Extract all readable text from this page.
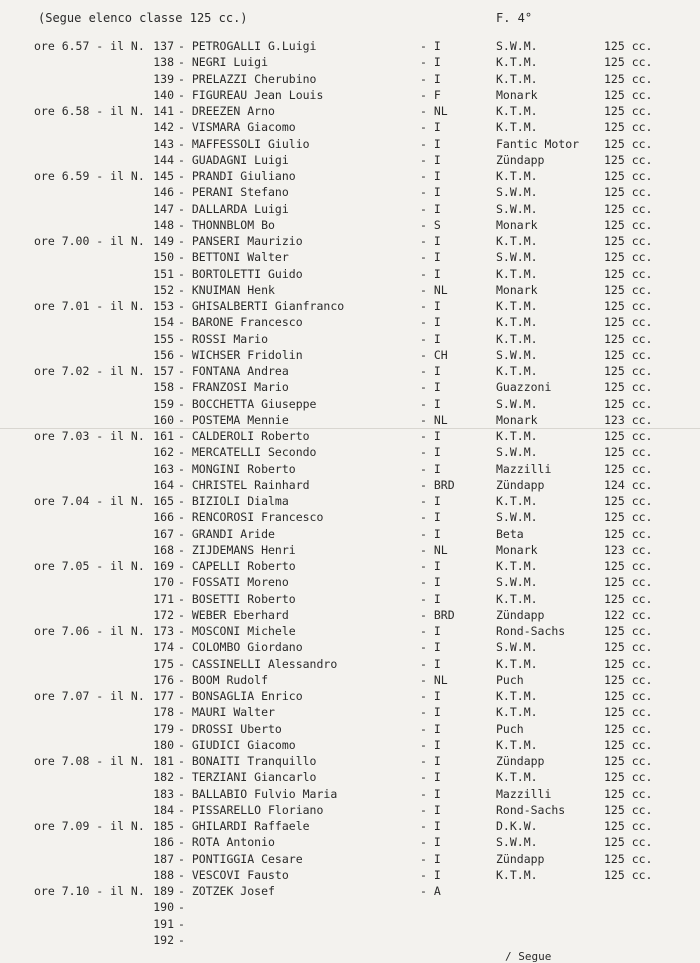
(Segue elenco classe 125 cc.)	F. 4°
ore 6.57 - il N. 137 - PETROGALLI G.Luigi	- I	S.W.M.	125 cc.
138 - NEGRI Luigi	- I	K.T.M.	125 cc.
139 - PRELAZZI Cherubino	- I	K.T.M.	125 cc.
140 - FIGUREAU Jean Louis	- F	Monark	125 cc.
ore 6.58 - il N. 141 - DREEZEN Arno	- NL	K.T.M.	125 cc.
142 - VISMARA Giacomo	- I	K.T.M.	125 cc.
143 - MAFFESSOLI Giulio	- I	Fantic Motor 125 cc.
144 - GUADAGNI Luigi	- I	Zündapp	125 cc.
ore 6.59 - il N. 145 - PRANDI Giuliano	- I	K.T.M.	125 cc.
146 - PERANI Stefano	- I	S.W.M.	125 cc.
147 - DALLARDA Luigi	- I	S.W.M.	125 cc.
148 - THONNBLOM Bo	- S	Monark	125 cc.
ore 7.00 - il N. 149 - PANSERI Maurizio	- I	K.T.M.	125 cc.
150 - BETTONI Walter	- I	S.W.M.	125 cc.
151 - BORTOLETTI Guido	- I	K.T.M.	125 cc.
152 - KNUIMAN Henk	- NL	Monark	125 cc.
ore 7.01 - il N. 153 - GHISALBERTI Gianfranco	- I	K.T.M.	125 cc.
154 - BARONE Francesco	- I	K.T.M.	125 cc.
155 - ROSSI Mario	- I	K.T.M.	125 cc.
156 - WICHSER Fridolin	- CH	S.W.M.	125 cc.
ore 7.02 - il N. 157 - FONTANA Andrea	- I	K.T.M.	125 cc.
158 - FRANZOSI Mario	- I	Guazzoni	125 cc.
159 - BOCCHETTA Giuseppe	- I	S.W.M.	125 cc.
160 - POSTEMA Mennie	- NL	Monark	123 cc.
ore 7.03 - il N. 161 - CALDEROLI Roberto	- I	K.T.M.	125 cc.
162 - MERCATELLI Secondo	- I	S.W.M.	125 cc.
163 - MONGINI Roberto	- I	Mazzilli	125 cc.
164 - CHRISTEL Rainhard	- BRD	Zündapp	124 cc.
ore 7.04 - il N. 165 - BIZIOLI Dialma	- I	K.T.M.	125 cc.
166 - RENCOROSI Francesco	- I	S.W.M.	125 cc.
167 - GRANDI Aride	- I	Beta	125 cc.
168 - ZIJDEMANS Henri	- NL	Monark	123 cc.
ore 7.05 - il N. 169 - CAPELLI Roberto	- I	K.T.M.	125 cc.
170 - FOSSATI Moreno	- I	S.W.M.	125 cc.
171 - BOSETTI Roberto	- I	K.T.M.	125 cc.
172 - WEBER Eberhard	- BRD	Zündapp	122 cc.
ore 7.06 - il N. 173 - MOSCONI Michele	- I	Rond-Sachs	125 cc.
174 - COLOMBO Giordano	- I	S.W.M.	125 cc.
175 - CASSINELLI Alessandro	- I	K.T.M.	125 cc.
176 - BOOM Rudolf	- NL	Puch	125 cc.
ore 7.07 - il N. 177 - BONSAGLIA Enrico	- I	K.T.M.	125 cc.
178 - MAURI Walter	- I	K.T.M.	125 cc.
179 - DROSSI Uberto	- I	Puch	125 cc.
180 - GIUDICI Giacomo	- I	K.T.M.	125 cc.
ore 7.08 - il N. 181 - BONAITI Tranquillo	- I	Zündapp	125 cc.
182 - TERZIANI Giancarlo	- I	K.T.M.	125 cc.
183 - BALLABIO Fulvio Maria	- I	Mazzilli	125 cc.
184 - PISSARELLO Floriano	- I	Rond-Sachs	125 cc.
ore 7.09 - il N. 185 - GHILARDI Raffaele	- I	D.K.W.	125 cc.
186 - ROTA Antonio	- I	S.W.M.	125 cc.
187 - PONTIGGIA Cesare	- I	Zündapp	125 cc.
188 - VESCOVI Fausto	- I	K.T.M.	125 cc.
ore 7.10 - il N. 189 - ZOTZEK Josef	- A
190 -
191 -
192 -
/ Segue
